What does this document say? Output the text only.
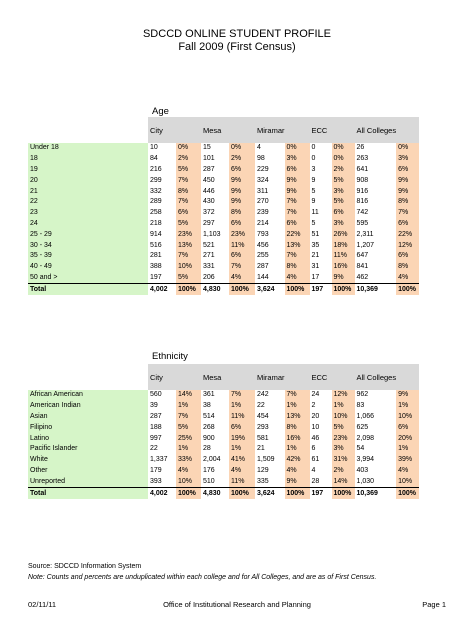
SDCCD ONLINE STUDENT PROFILE
Fall 2009 (First Census)
Age
	City		Mesa		Miramar		ECC		All Colleges	
Under 18	10	0%	15	0%	4	0%	0	0%	26	0%
18	84	2%	101	2%	98	3%	0	0%	263	3%
19	216	5%	287	6%	229	6%	3	2%	641	6%
20	299	7%	450	9%	324	9%	9	5%	908	9%
21	332	8%	446	9%	311	9%	5	3%	916	9%
22	289	7%	430	9%	270	7%	9	5%	816	8%
23	258	6%	372	8%	239	7%	11	6%	742	7%
24	218	5%	297	6%	214	6%	5	3%	595	6%
25 - 29	914	23%	1,103	23%	793	22%	51	26%	2,311	22%
30 - 34	516	13%	521	11%	456	13%	35	18%	1,207	12%
35 - 39	281	7%	271	6%	255	7%	21	11%	647	6%
40 - 49	388	10%	331	7%	287	8%	31	16%	841	8%
50 and >	197	5%	206	4%	144	4%	17	9%	462	4%
Total	4,002	100%	4,830	100%	3,624	100%	197	100%	10,369	100%
Ethnicity
	City		Mesa		Miramar		ECC		All Colleges	
African American	560	14%	361	7%	242	7%	24	12%	962	9%
American Indian	39	1%	38	1%	22	1%	2	1%	83	1%
Asian	287	7%	514	11%	454	13%	20	10%	1,066	10%
Filipino	188	5%	268	6%	293	8%	10	5%	625	6%
Latino	997	25%	900	19%	581	16%	46	23%	2,098	20%
Pacific Islander	22	1%	28	1%	21	1%	6	3%	54	1%
White	1,337	33%	2,004	41%	1,509	42%	61	31%	3,994	39%
Other	179	4%	176	4%	129	4%	4	2%	403	4%
Unreported	393	10%	510	11%	335	9%	28	14%	1,030	10%
Total	4,002	100%	4,830	100%	3,624	100%	197	100%	10,369	100%
Source: SDCCD Information System
Note: Counts and percents are unduplicated within each college and for All Colleges, and are as of First Census.
02/11/11	Office of Institutional Research and Planning	Page 1
